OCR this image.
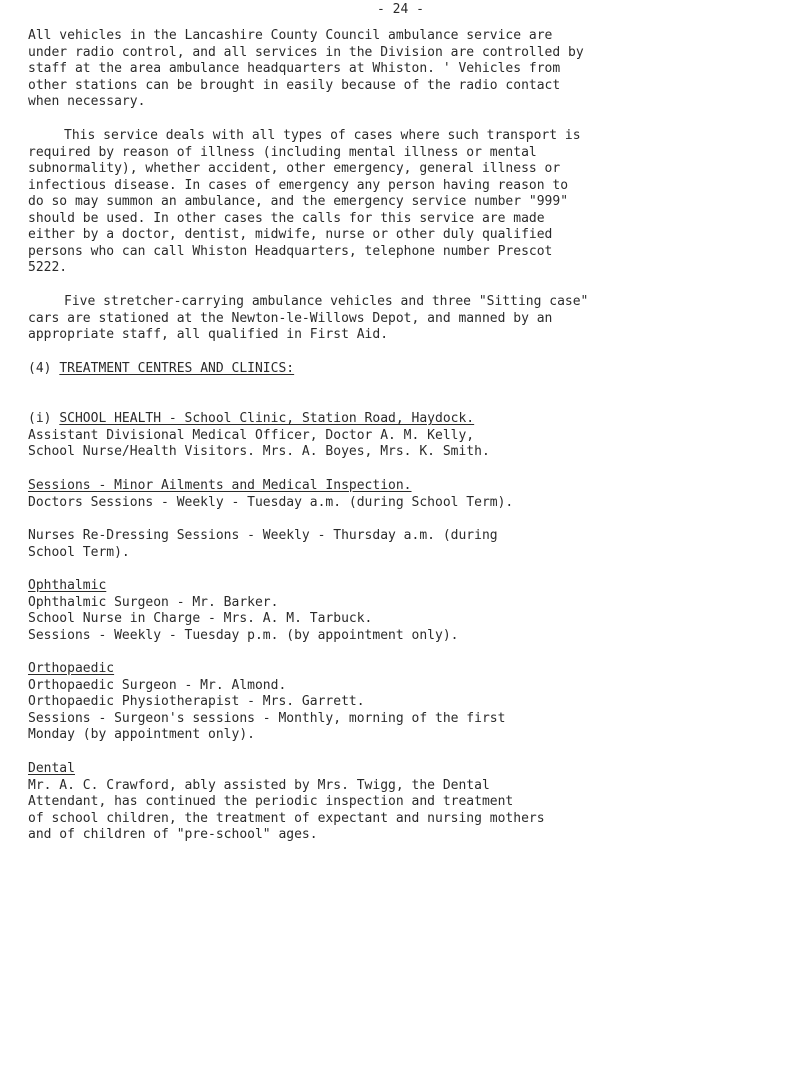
- 24 -
All vehicles in the Lancashire County Council ambulance service are
under radio control, and all services in the Division are controlled by
staff at the area ambulance headquarters at Whiston. ' Vehicles from
other stations can be brought in easily because of the radio contact
when necessary.
This service deals with all types of cases where such transport is
required by reason of illness (including mental illness or mental
subnormality), whether accident, other emergency, general illness or
infectious disease. In cases of emergency any person having reason to
do so may summon an ambulance, and the emergency service number "999"
should be used. In other cases the calls for this service are made
either by a doctor, dentist, midwife, nurse or other duly qualified
persons who can call Whiston Headquarters, telephone number Prescot
5222.
Five stretcher-carrying ambulance vehicles and three "Sitting case"
cars are stationed at the Newton-le-Willows Depot, and manned by an
appropriate staff, all qualified in First Aid.
(4) TREATMENT CENTRES AND CLINICS:
(i) SCHOOL HEALTH - School Clinic, Station Road, Haydock.
Assistant Divisional Medical Officer, Doctor A. M. Kelly,
School Nurse/Health Visitors. Mrs. A. Boyes, Mrs. K. Smith.
Sessions - Minor Ailments and Medical Inspection.
Doctors Sessions - Weekly - Tuesday a.m. (during School Term).
Nurses Re-Dressing Sessions - Weekly - Thursday a.m. (during
School Term).
Ophthalmic
Ophthalmic Surgeon - Mr. Barker.
School Nurse in Charge - Mrs. A. M. Tarbuck.
Sessions - Weekly - Tuesday p.m. (by appointment only).
Orthopaedic
Orthopaedic Surgeon - Mr. Almond.
Orthopaedic Physiotherapist - Mrs. Garrett.
Sessions - Surgeon's sessions - Monthly, morning of the first
Monday (by appointment only).
Dental
Mr. A. C. Crawford, ably assisted by Mrs. Twigg, the Dental
Attendant, has continued the periodic inspection and treatment
of school children, the treatment of expectant and nursing mothers
and of children of "pre-school" ages.
